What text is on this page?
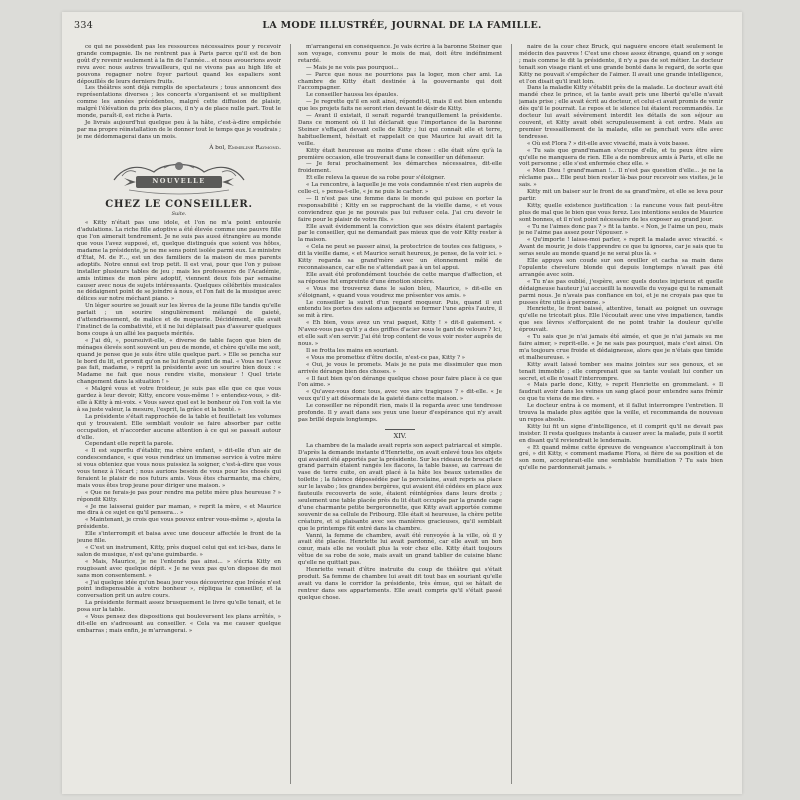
334	LA MODE ILLUSTRÉE, JOURNAL DE LA FAMILLE.

ce qui ne possèdent pas les ressources nécessaires pour y recevoir grande compagnie. Ils ne rentrent pas à Paris parce qu'il est de bon goût d'y revenir seulement à la fin de l'année... et nous avouerions avoir revu avec nous autres travailleurs, qui ne vivons pas au high life et pouvons regagner notre foyer partout quand les espaliers sont dépouillés de leurs derniers fruits.

Les théâtres sont déjà remplis de spectateurs ; tous annoncent des représentations diverses ; les concerts s'organisent et se multiplient comme les années précédentes, malgré cette diffusion de plaisir, malgré l'élévation du prix des places, il n'y a de place nulle part. Tout le monde, paraît-il, est riche à Paris.

Je livrais aujourd'hui quelque peu à la hâte, c'est-à-dire empêchée par ma propre réinstallation de le donner tout le temps que je voudrais ; je me dédommagerai dans un mois.

À bol, Emmeline Raymond.
NOUVELLE
CHEZ LE CONSEILLER.
Suite.

« Kitty n'était pas une idole, et l'on ne m'a point entourée d'adulations. La riche fille adoptive a été élevée comme une pauvre fille que l'on aimerait tendrement. Je ne suis pas aussi étrangère au monde que vous l'avez supposé, et, quelque distingués que soient vos hôtes, madame la présidente, je ne me sens point isolée parmi eux. Le ministre d'État, M. de F..., est un des familiers de la maison de mes parents adoptifs. Notre ennui est trop petit. Il est vrai, pour que l'on y puisse installer plusieurs tables de jeu ; mais les professeurs de l'Académie, amis intimes de mon père adoptif, viennent deux fois par semaine causer avec nous de sujets intéressants. Quelques célébrités musicales ne dédaignent point de se joindre à nous, et l'on fait de la musique avec délices sur notre méchant piano. »

Un léger sourire se jouait sur les lèvres de la jeune fille tandis qu'elle parlait ; un sourire singulièrement mélangé de gaieté, d'attendrissement, de malice et de moquerie. Décidément, elle avait l'instinct de la combativité, et il ne lui déplaisait pas d'assurer quelques bons coups à un allié les paquets mérités.

« J'ai dû, », poursuivit-elle, « diverse de table façon que bien de ménages élevés sont souvent un peu de monde, et chère qu'elle me soit, quand je pense que je suis être utile quelque part. » Elle se pencha sur le bord du lit, et promit qu'on ne lui ferait point de mal. « Vous ne l'avez pas fait, madame, » reprit la présidente avec un sourire bien doux : « Madame ne fait que nous rendre visite, monsieur ! Quel triste changement dans la situation ! »

« Malgré vous et votre froideur, je suis pas elle que ce que vous gardez à leur devoir, Kitty, encore vous-même ! » entendez-vous, » dit-elle à Kitty à mi-voix. « Vous savez quel est le bonheur où l'on voit la vie à sa juste valeur, la mesure, l'esprit, la grâce et la bonté. »

La présidente s'était rapprochée de la table et feuilletait les volumes qui y trouvaient. Elle semblait vouloir se faire absorber par cette occupation, et n'accorder aucune attention à ce qui se passait autour d'elle.

Cependant elle reprit la parole.

« Il est superflu d'établir, ma chère enfant, » dit-elle d'un air de condescendance, « que vous rendriez un immense service à votre mère si vous obteniez que vous nous puissiez la soigner, c'est-à-dire que vous vous tenez à l'écart ; nous aurions besoin de vous pour les chosés qui feraient le plaisir de nos futurs amis. Vous êtes charmante, ma chère, mais vous êtes trop jeune pour diriger une maison. »

« Que ne ferais-je pas pour rendre ma petite mère plus heureuse ? » répondit Kitty.

« Je me laisserai guider par maman, » reprit la mère, « et Maurice me dira à ce sujet ce qu'il pensera... »

« Maintenant, je crois que vous pouvez entrer vous-même », ajouta la présidente.

Elle s'interrompit et baisa avec une douceur affectée le front de la jeune fille.

« C'est un instrument, Kitty, près duquel celui qui est ici-bas, dans le salon de musique, n'est qu'une guimbarde. »

« Mais, Maurice, je ne l'entends pas ainsi... » s'écria Kitty en rougissant avec quelque dépit. « Je ne veux pas qu'on dispose de moi sans mon consentement. »

« J'ai quelque idée qu'un beau jour vous découvrirez que Irénée n'est point indispensable à votre bonheur », répliqua le conseiller, et la conversation prit un autre cours.

La présidente fermait assez brusquement le livre qu'elle tenait, et le posa sur la table.

« Vous pensez des dispositions qui bouleversent les plans arrêtés, » dit-elle en s'adressant au conseiller. « Cela va me causer quelque embarras ; mais enfin, je m'arrangerai. »

m'arrangerai en conséquence. Je vais écrire à la baronne Steiner que son voyage, convenu pour le mois de mai, doit être indéfiniment retardé.

— Mais je ne vois pas pourquoi...

— Parce que nous ne pourrions pas la loger, mon cher ami. La chambre de Kitty était destinée à la gouvernante qui doit l'accompagner.

Le conseiller haussa les épaules.

— Je regrette qu'il en soit ainsi, répondit-il, mais il est bien entendu que les projets faits ne seront rien devant le désir de Kitty.

— Avant il existait, il serait regardé tranquillement la présidente. Dans ce moment où il lui déclarait que l'importance de la baronne Steiner s'effaçait devant celle de Kitty ; lui qui connaît elle et terre, habituellement, hésitait et rappelait ce que Maurice lui avait dit la veille.

Kitty était heureuse au moins d'une chose : elle était sûre qu'à la première occasion, elle trouverait dans le conseiller un défenseur.

— Je ferai prochainement les démarches nécessaires, dit-elle froidement.

Et elle releva la queue de sa robe pour s'éloigner.

« La rencontre, à laquelle je me vois condamnée n'est rien auprès de celle-ci, » pensa-t-elle, « je ne puis le cacher. »

— Il n'est pas une femme dans le monde qui puisse en porter la responsabilité ; Kitty en se rapprochant de la vieille dame, « et vous conviendrez que je ne pouvais pas lui refuser cela. J'ai cru devoir le faire pour le plaisir de votre fils. »

Elle avait évidemment la conviction que ses désirs étaient partagés par le conseiller, qui ne demandait pas mieux que de voir Kitty rester à la maison.

« Cela ne peut se passer ainsi, la protectrice de toutes ces fatigues, » dit la vieille dame, « et Maurice serait heureux, je pense, de la voir ici. » Kitty regarda sa grand'mère avec un étonnement mêlé de reconnaissance, car elle ne s'attendait pas à un tel appui.

Elle avait été profondément touchée de cette marque d'affection, et sa réponse fut empreinte d'une émotion sincère.

« Vous me trouverez dans le salon bleu, Maurice, » dit-elle en s'éloignant, « quand vous voudrez me présenter vos amis. »

Le conseiller la suivit d'un regard moqueur. Puis, quand il eut entendu les portes des salons adjacents se fermer l'une après l'autre, il se mit à rire.

« Eh bien, vous avez un vrai paquet, Kitty ! » dit-il gaiement. « N'avez-vous pas qu'il y a des griffes d'acier sous le gant de velours ? Ici, et elle sait s'en servir. J'ai été trop content de vous voir rester auprès de nous. »

Il se frotta les mains en souriant.

« Vous me promettez d'être docile, n'est-ce pas, Kitty ? »

« Oui, je vous le promets. Mais je ne puis me dissimuler que mon arrivée dérange bien des choses. »

« Il faut bien qu'on dérange quelque chose pour faire place à ce que l'on aime. »

« Qu'avez-vous donc tous, avec vos airs tragiques ? » dit-elle. « Je veux qu'il y ait désormais de la gaieté dans cette maison. »

Le conseiller ne répondit rien, mais il la regarda avec une tendresse profonde. Il y avait dans ses yeux une lueur d'espérance qui n'y avait pas brillé depuis longtemps.

XIV.

La chambre de la malade avait repris son aspect patriarcal et simple. D'après la demande instante d'Henriette, on avait enlevé tous les objets qui avaient été apportés par la présidente. Sur les rideaux de brocart de grand parrain étaient rangés les flacons, la table basse, au carreau de vase de terre cuite, on avait placé à la hâte les beaux ustensiles de toilette ; la faïence dépossédée par la porcelaine, avait repris sa place sur le lavabo ; les grandes bergères, qui avaient été cédées en place aux fauteuils recouverts de soie, étaient réintégrées dans leurs droits ; seulement une table placée près du lit était occupée par la grande cage d'une charmante petite bergeronnette, que Kitty avait apportée comme souvenir de sa cellule de Fribourg. Elle était si heureuse, la chère petite créature, et si plaisante avec ses manières gracieuses, qu'il semblait que le printemps fût entré dans la chambre.

Vanni, la femme de chambre, avait été renvoyée à la ville, où il y avait été placée. Henriette lui avait pardonné, car elle avait un bon cœur, mais elle ne voulait plus la voir chez elle. Kitty était toujours vêtue de sa robe de soie, mais avait un grand tablier de cuisine blanc qu'elle ne quittait pas.

Henriette venait d'être instruite du coup de théâtre qui s'était produit. Sa femme de chambre lui avait dit tout bas en souriant qu'elle avait vu dans le corridor la présidente, très émue, qui se hâtait de rentrer dans ses appartements. Elle avait compris qu'il s'était passé quelque chose.

naire de la cour chez Bruck, qui naguère encore était seulement le médecin des pauvres ! C'est une chose assez étrange, quand on y songe ; mais comme le dit la présidente, il n'y a pas de sot métier. Le docteur tenait son visage riant et une grande bonté dans le regard, de sorte que Kitty ne pouvait s'empêcher de l'aimer. Il avait une grande intelligence, et l'on disait qu'il irait loin.

Dans la maladie Kitty s'établit près de la malade. Le docteur avait été mandé chez le prince, et la tante avait pris une liberté qu'elle n'avait jamais prise ; elle avait écrit au docteur, et celui-ci avait promis de venir dès qu'il le pourrait. Le repos et le silence lui étaient recommandés. Le docteur lui avait sévèrement interdit les détails de son séjour au couvent, et Kitty avait obéi scrupuleusement à cet ordre. Mais au premier tressaillement de la malade, elle se penchait vers elle avec tendresse.

« Où est Flora ? » dit-elle avec vivacité, mais à voix basse.

« Tu sais que grand'maman s'occupe d'elle, et tu peux être sûre qu'elle ne manquera de rien. Elle a de nombreux amis à Paris, et elle ne voit personne ; elle s'est enfermée chez elle. »

« Mon Dieu ! grand'maman !... Il n'est pas question d'elle... je ne la réclame pas... Elle peut bien rester là-bas pour recevoir ses visites, je le sais. »

Kitty mit un baiser sur le front de sa grand'mère, et elle se leva pour partir.

Kitty, quelle existence justification : la rancune vous fait peut-être plus de mal que le bien que vous ferez. Les intentions seules de Maurice sont bonnes, et il n'est point nécessaire de les exposer au grand jour.

« Tu ne l'aimes donc pas ? » fit la tante. « Non, je l'aime un peu, mais je ne l'aime pas assez pour l'épouser. »

« Qu'importe ! laisse-moi parler, » reprit la malade avec vivacité. « Avant de mourir, je dois t'apprendre ce que tu ignores, car je sais que tu seras seule au monde quand je ne serai plus là. »

Elle appuya son coude sur son oreiller et cacha sa main dans l'opulente chevelure blonde qui depuis longtemps n'avait pas été arrangée avec soin.

« Tu n'as pas oublié, j'espère, avec quels doutes injurieux et quelle dédaigneuse hauteur j'ai accueilli la nouvelle du voyage qui te ramenait parmi nous. Je n'avais pas confiance en toi, et je ne croyais pas que tu pusses être utile à personne. »

Henriette, le front baissé, attentive, tenait au poignet un ouvrage qu'elle ne tricotait plus. Elle l'écoutait avec une vive impatience, tandis que ses lèvres s'efforçaient de ne point trahir la douleur qu'elle éprouvait.

« Tu sais que je n'ai jamais été aimée, et que je n'ai jamais su me faire aimer, » reprit-elle. « Je ne sais pas pourquoi, mais c'est ainsi. On m'a toujours crue froide et dédaigneuse, alors que je n'étais que timide et malheureuse. »

Kitty avait laissé tomber ses mains jointes sur ses genoux, et se tenait immobile ; elle comprenait que sa tante voulait lui confier un secret, et elle n'osait l'interrompre.

« Mais parle donc, Kitty, » reprit Henriette en grommelant. « Il faudrait avoir dans les veines un sang glacé pour entendre sans frémir ce que tu viens de me dire. »

Le docteur entra à ce moment, et il fallut interrompre l'entretien. Il trouva la malade plus agitée que la veille, et recommanda de nouveau un repos absolu.

Kitty lui fit un signe d'intelligence, et il comprit qu'il ne devait pas insister. Il resta quelques instants à causer avec la malade, puis il sortit en disant qu'il reviendrait le lendemain.

« Et quand même cette épreuve de vengeance s'accomplirait à ton gré, » dit Kitty, « comment madame Flora, si fière de sa position et de son nom, accepterait-elle une semblable humiliation ? Tu sais bien qu'elle ne pardonnerait jamais. »
